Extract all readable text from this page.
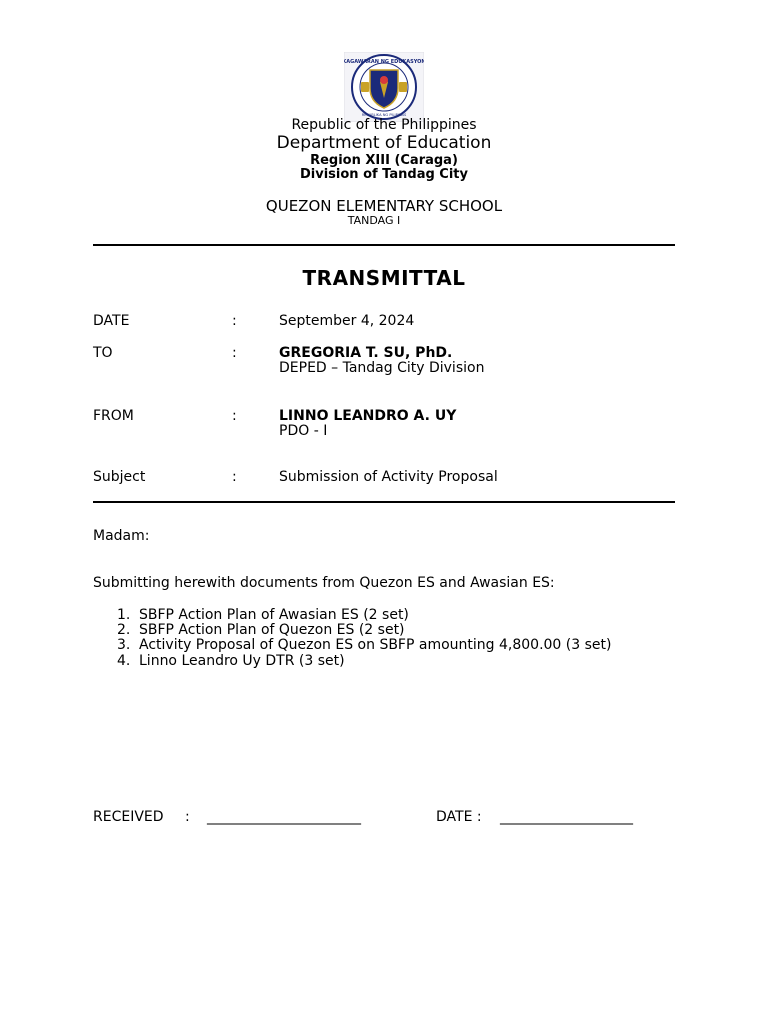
KAGAWARAN NG EDUKASYON
REPUBLIKA NG PILIPINAS
Republic of the Philippines
Department of Education
Region XIII (Caraga)
Division of Tandag City
QUEZON ELEMENTARY SCHOOL
TANDAG I
TRANSMITTAL
DATE	:	September 4, 2024
TO	:	GREGORIA T. SU, PhD.
DEPED – Tandag City Division
FROM	:	LINNO LEANDRO A. UY
PDO - I
Subject	:	Submission of Activity Proposal
Madam:
Submitting herewith documents from Quezon ES and Awasian ES:
1. SBFP Action Plan of Awasian ES (2 set)
2. SBFP Action Plan of Quezon ES (2 set)
3. Activity Proposal of Quezon ES on SBFP amounting 4,800.00 (3 set)
4. Linno Leandro Uy DTR (3 set)
RECEIVED : ______________________	DATE : ___________________
